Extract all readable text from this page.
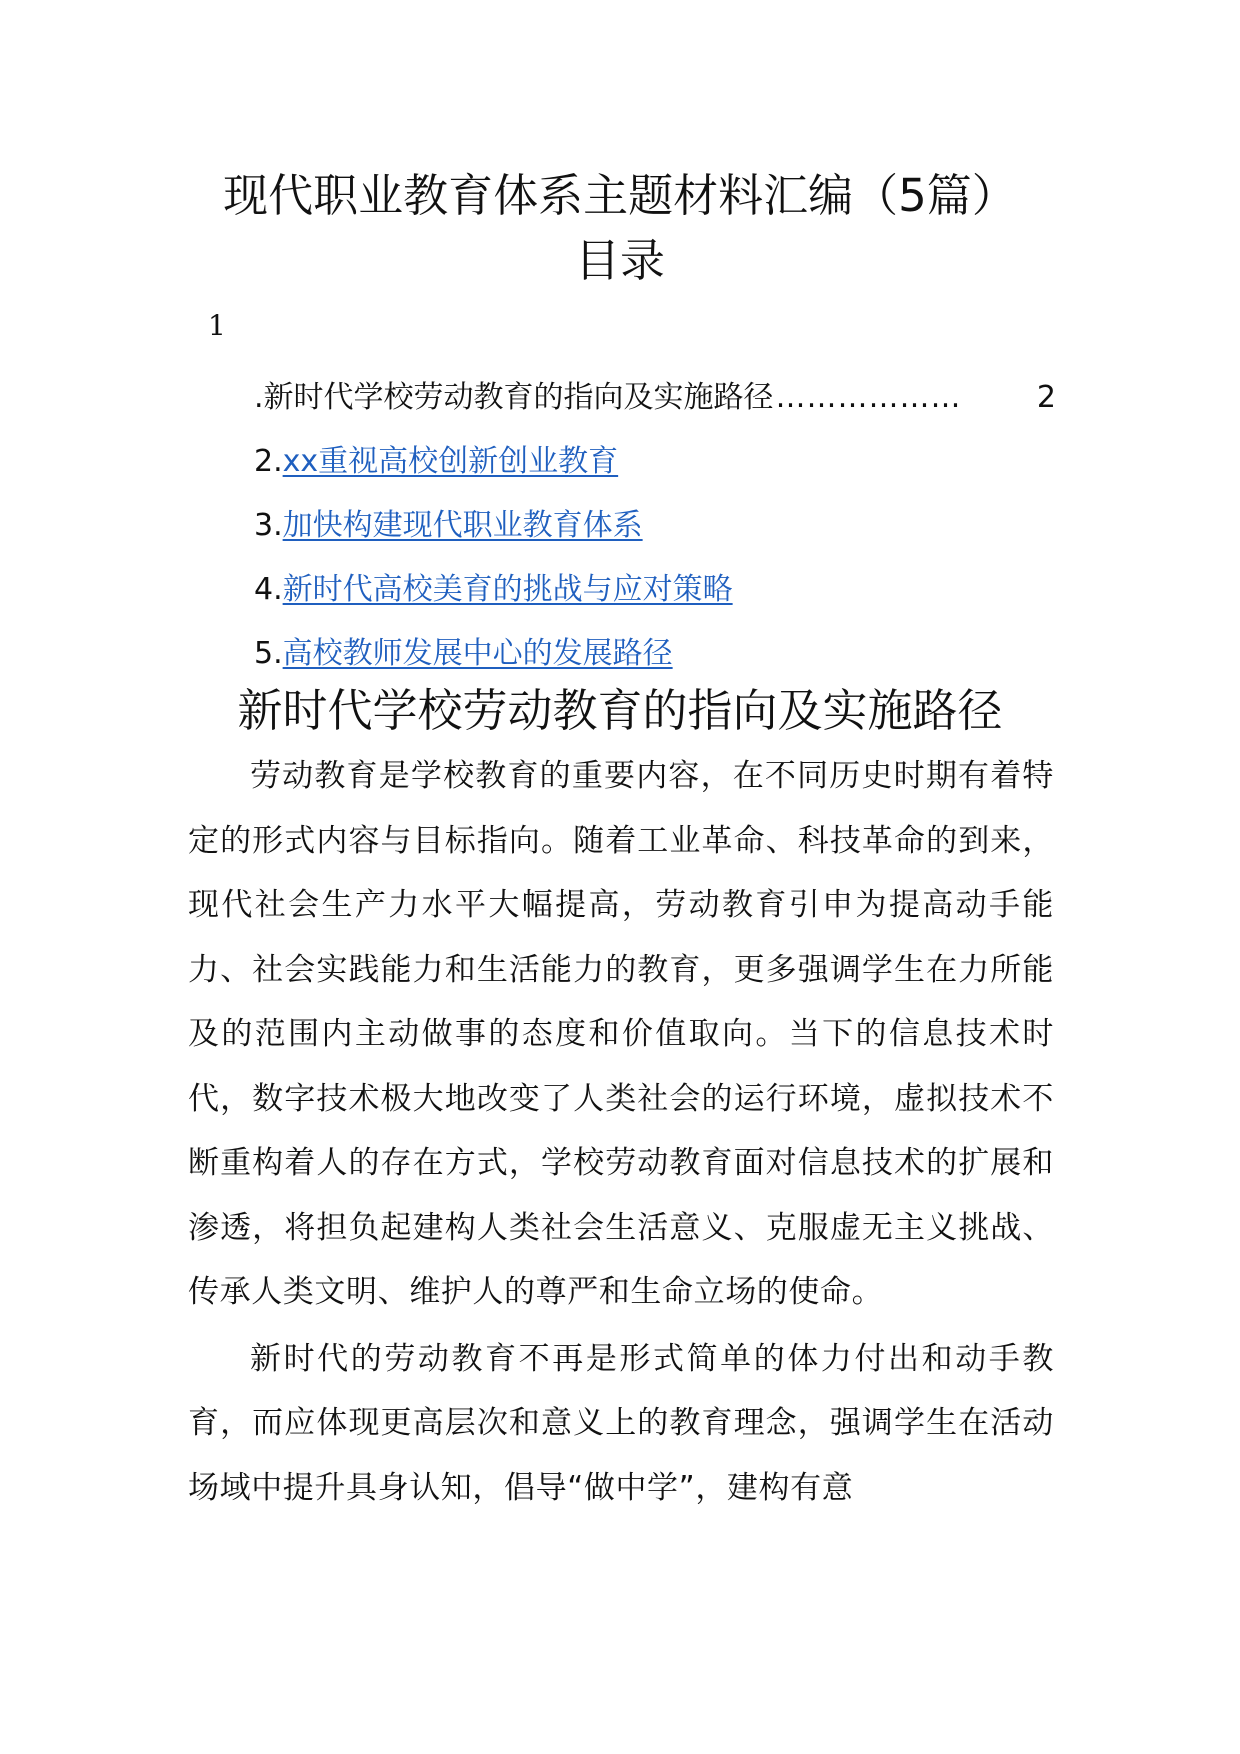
现代职业教育体系主题材料汇编（5篇）
目录
1
.新时代学校劳动教育的指向及实施路径 ………………	2
2. xx重视高校创新创业教育
3. 加快构建现代职业教育体系
4. 新时代高校美育的挑战与应对策略
5. 高校教师发展中心的发展路径
新时代学校劳动教育的指向及实施路径

劳动教育是学校教育的重要内容，在不同历史时期有着特定的形式内容与目标指向。随着工业革命、科技革命的到来，现代社会生产力水平大幅提高，劳动教育引申为提高动手能力、社会实践能力和生活能力的教育，更多强调学生在力所能及的范围内主动做事的态度和价值取向。当下的信息技术时代，数字技术极大地改变了人类社会的运行环境，虚拟技术不断重构着人的存在方式，学校劳动教育面对信息技术的扩展和渗透，将担负起建构人类社会生活意义、克服虚无主义挑战、传承人类文明、维护人的尊严和生命立场的使命。

新时代的劳动教育不再是形式简单的体力付出和动手教育，而应体现更高层次和意义上的教育理念，强调学生在活动场域中提升具身认知，倡导“做中学”，建构有意
